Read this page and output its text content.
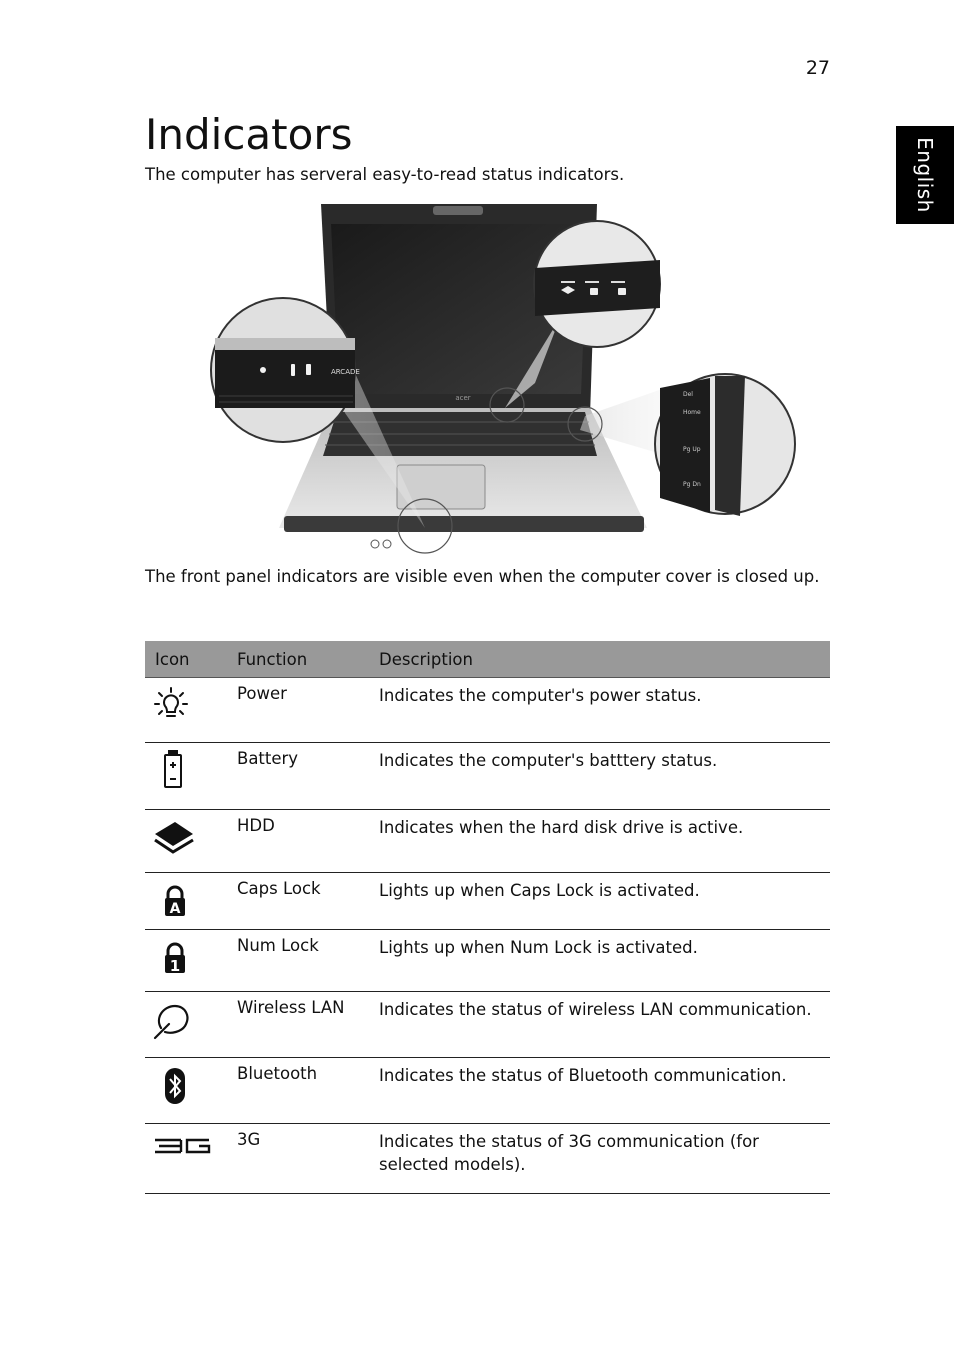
27
English
Indicators
The computer has serveral easy-to-read status indicators.
acer
ARCADE
Del
Home
Pg Up
Pg Dn
The front panel indicators are visible even when the computer cover is closed up.
Icon	Function	Description

	Power	Indicates the computer's power status.

	Battery	Indicates the computer's batttery status.

	HDD	Indicates when the hard disk drive is active.

A	Caps Lock	Lights up when Caps Lock is activated.

1	Num Lock	Lights up when Num Lock is activated.

	Wireless LAN	Indicates the status of wireless LAN communication.

	Bluetooth	Indicates the status of Bluetooth communication.

	3G	Indicates the status of 3G communication (for selected models).
